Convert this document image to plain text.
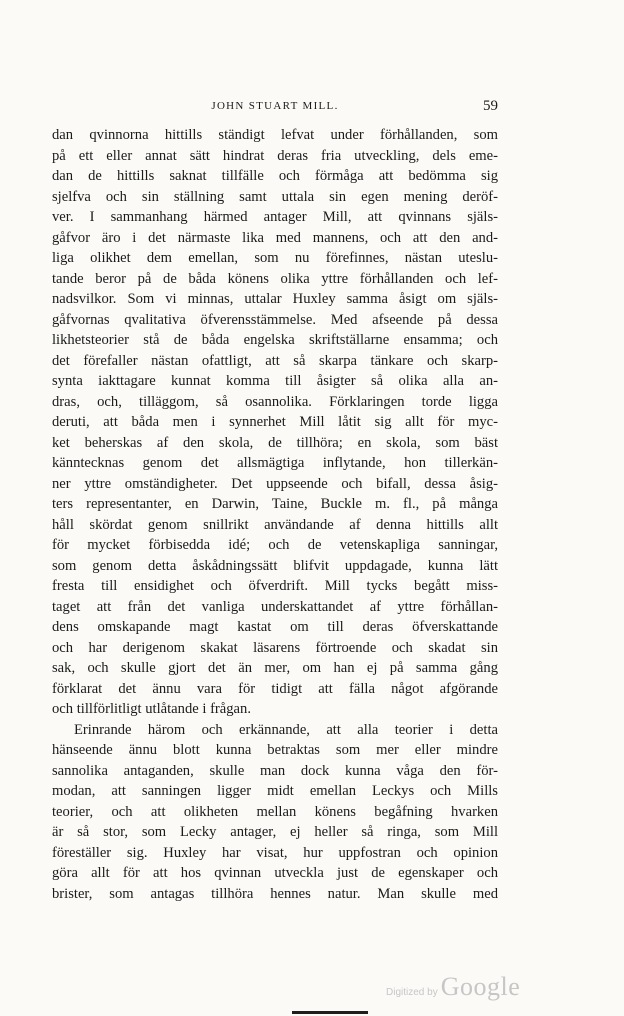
JOHN STUART MILL.	59
dan qvinnorna hittills ständigt lefvat under förhållanden, som
på ett eller annat sätt hindrat deras fria utveckling, dels eme-
dan de hittills saknat tillfälle och förmåga att bedömma sig
sjelfva och sin ställning samt uttala sin egen mening deröf-
ver. I sammanhang härmed antager Mill, att qvinnans själs-
gåfvor äro i det närmaste lika med mannens, och att den and-
liga olikhet dem emellan, som nu förefinnes, nästan uteslu-
tande beror på de båda könens olika yttre förhållanden och lef-
nadsvilkor. Som vi minnas, uttalar Huxley samma åsigt om själs-
gåfvornas qvalitativa öfverensstämmelse. Med afseende på dessa
likhetsteorier stå de båda engelska skriftställarne ensamma; och
det förefaller nästan ofattligt, att så skarpa tänkare och skarp-
synta iakttagare kunnat komma till åsigter så olika alla an-
dras, och, tilläggom, så osannolika. Förklaringen torde ligga
deruti, att båda men i synnerhet Mill låtit sig allt för myc-
ket beherskas af den skola, de tillhöra; en skola, som bäst
känntecknas genom det allsmägtiga inflytande, hon tillerkän-
ner yttre omständigheter. Det uppseende och bifall, dessa åsig-
ters representanter, en Darwin, Taine, Buckle m. fl., på många
håll skördat genom snillrikt användande af denna hittills allt
för mycket förbisedda idé; och de vetenskapliga sanningar,
som genom detta åskådningssätt blifvit uppdagade, kunna lätt
fresta till ensidighet och öfverdrift. Mill tycks begått miss-
taget att från det vanliga underskattandet af yttre förhållan-
dens omskapande magt kastat om till deras öfverskattande
och har derigenom skakat läsarens förtroende och skadat sin
sak, och skulle gjort det än mer, om han ej på samma gång
förklarat det ännu vara för tidigt att fälla något afgörande
och tillförlitligt utlåtande i frågan.
Erinrande härom och erkännande, att alla teorier i detta
hänseende ännu blott kunna betraktas som mer eller mindre
sannolika antaganden, skulle man dock kunna våga den för-
modan, att sanningen ligger midt emellan Leckys och Mills
teorier, och att olikheten mellan könens begåfning hvarken
är så stor, som Lecky antager, ej heller så ringa, som Mill
föreställer sig. Huxley har visat, hur uppfostran och opinion
göra allt för att hos qvinnan utveckla just de egenskaper och
brister, som antagas tillhöra hennes natur. Man skulle med
Digitized by Google
